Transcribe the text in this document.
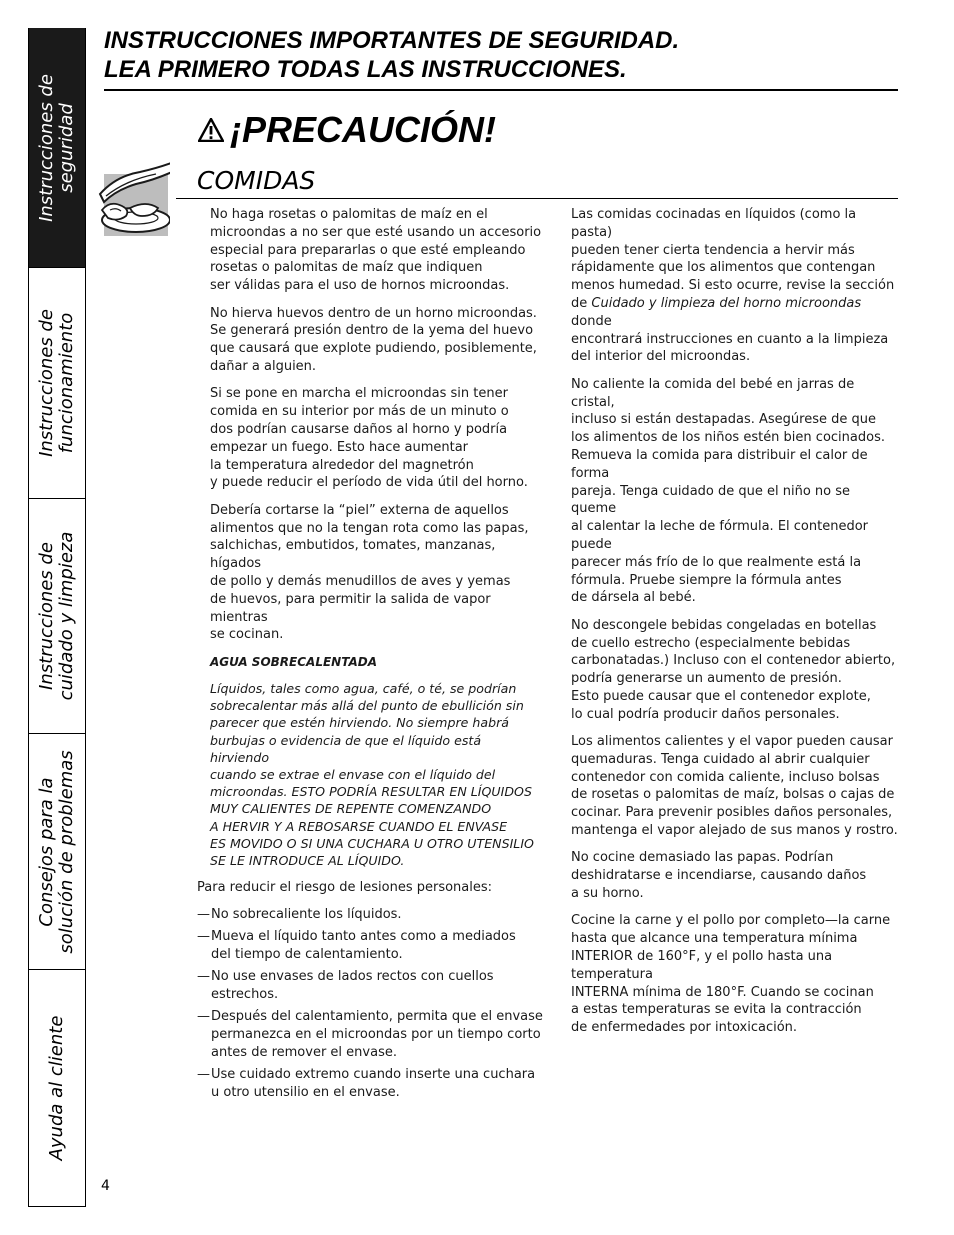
Instrucciones de
seguridad
Instrucciones de
funcionamiento
Instrucciones de
cuidado y limpieza
Consejos para la
solución de problemas
Ayuda al cliente
INSTRUCCIONES IMPORTANTES DE SEGURIDAD.
LEA PRIMERO TODAS LAS INSTRUCCIONES.
¡PRECAUCIÓN!
COMIDAS

No haga rosetas o palomitas de maíz en el
microondas a no ser que esté usando un accesorio
especial para prepararlas o que esté empleando
rosetas o palomitas de maíz que indiquen
ser válidas para el uso de hornos microondas.

No hierva huevos dentro de un horno microondas.
Se generará presión dentro de la yema del huevo
que causará que explote pudiendo, posiblemente,
dañar a alguien.

Si se pone en marcha el microondas sin tener
comida en su interior por más de un minuto o
dos podrían causarse daños al horno y podría
empezar un fuego. Esto hace aumentar
la temperatura alrededor del magnetrón
y puede reducir el período de vida útil del horno.

Debería cortarse la “piel” externa de aquellos
alimentos que no la tengan rota como las papas,
salchichas, embutidos, tomates, manzanas, hígados
de pollo y demás menudillos de aves y yemas
de huevos, para permitir la salida de vapor mientras
se cocinan.

AGUA SOBRECALENTADA

Líquidos, tales como agua, café, o té, se podrían
sobrecalentar más allá del punto de ebullición sin
parecer que estén hirviendo. No siempre habrá
burbujas o evidencia de que el líquido está hirviendo
cuando se extrae el envase con el líquido del
microondas. ESTO PODRÍA RESULTAR EN LÍQUIDOS
MUY CALIENTES DE REPENTE COMENZANDO
A HERVIR Y A REBOSARSE CUANDO EL ENVASE
ES MOVIDO O SI UNA CUCHARA U OTRO UTENSILIO
SE LE INTRODUCE AL LÍQUIDO.

Para reducir el riesgo de lesiones personales:

— No sobrecaliente los líquidos.
— Mueva el líquido tanto antes como a mediados
del tiempo de calentamiento.
— No use envases de lados rectos con cuellos
estrechos.
— Después del calentamiento, permita que el envase
permanezca en el microondas por un tiempo corto
antes de remover el envase.
— Use cuidado extremo cuando inserte una cuchara
u otro utensilio en el envase.

Las comidas cocinadas en líquidos (como la pasta)
pueden tener cierta tendencia a hervir más
rápidamente que los alimentos que contengan
menos humedad. Si esto ocurre, revise la sección
de Cuidado y limpieza del horno microondas donde
encontrará instrucciones en cuanto a la limpieza
del interior del microondas.

No caliente la comida del bebé en jarras de cristal,
incluso si están destapadas. Asegúrese de que
los alimentos de los niños estén bien cocinados.
Remueva la comida para distribuir el calor de forma
pareja. Tenga cuidado de que el niño no se queme
al calentar la leche de fórmula. El contenedor puede
parecer más frío de lo que realmente está la
fórmula. Pruebe siempre la fórmula antes
de dársela al bebé.

No descongele bebidas congeladas en botellas
de cuello estrecho (especialmente bebidas
carbonatadas.) Incluso con el contenedor abierto,
podría generarse un aumento de presión.
Esto puede causar que el contenedor explote,
lo cual podría producir daños personales.

Los alimentos calientes y el vapor pueden causar
quemaduras. Tenga cuidado al abrir cualquier
contenedor con comida caliente, incluso bolsas
de rosetas o palomitas de maíz, bolsas o cajas de
cocinar. Para prevenir posibles daños personales,
mantenga el vapor alejado de sus manos y rostro.

No cocine demasiado las papas. Podrían
deshidratarse e incendiarse, causando daños
a su horno.

Cocine la carne y el pollo por completo—la carne
hasta que alcance una temperatura mínima
INTERIOR de 160°F, y el pollo hasta una temperatura
INTERNA mínima de 180°F. Cuando se cocinan
a estas temperaturas se evita la contracción
de enfermedades por intoxicación.

4
